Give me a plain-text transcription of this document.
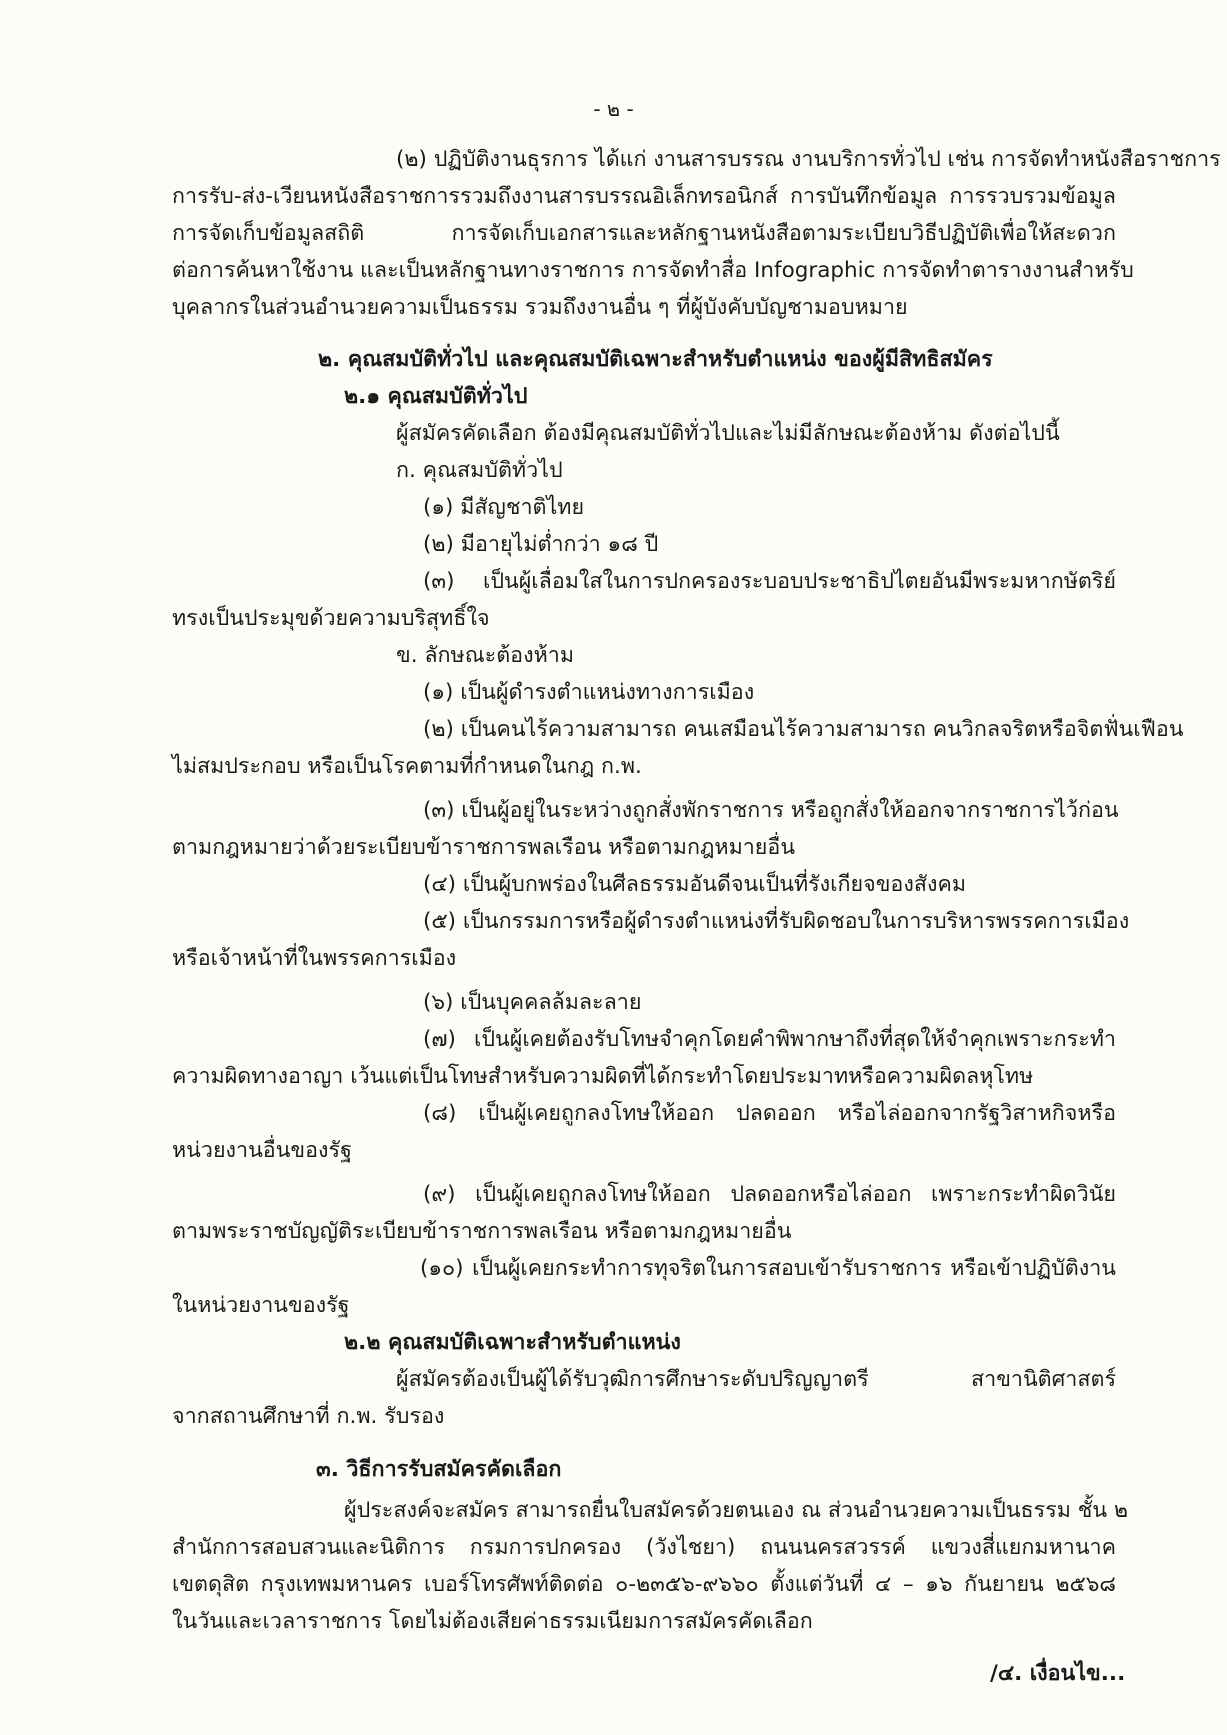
- ๒ -
(๒) ปฏิบัติงานธุรการ ได้แก่ งานสารบรรณ งานบริการทั่วไป เช่น การจัดทำหนังสือราชการ
การรับ-ส่ง-เวียนหนังสือราชการรวมถึงงานสารบรรณอิเล็กทรอนิกส์ การบันทึกข้อมูล การรวบรวมข้อมูล
การจัดเก็บข้อมูลสถิติ การจัดเก็บเอกสารและหลักฐานหนังสือตามระเบียบวิธีปฏิบัติเพื่อให้สะดวก
ต่อการค้นหาใช้งาน และเป็นหลักฐานทางราชการ การจัดทำสื่อ Infographic การจัดทำตารางงานสำหรับ
บุคลากรในส่วนอำนวยความเป็นธรรม รวมถึงงานอื่น ๆ ที่ผู้บังคับบัญชามอบหมาย
๒. คุณสมบัติทั่วไป และคุณสมบัติเฉพาะสำหรับตำแหน่ง ของผู้มีสิทธิสมัคร
๒.๑ คุณสมบัติทั่วไป
ผู้สมัครคัดเลือก ต้องมีคุณสมบัติทั่วไปและไม่มีลักษณะต้องห้าม ดังต่อไปนี้
ก. คุณสมบัติทั่วไป
(๑) มีสัญชาติไทย
(๒) มีอายุไม่ต่ำกว่า ๑๘ ปี
(๓) เป็นผู้เลื่อมใสในการปกครองระบอบประชาธิปไตยอันมีพระมหากษัตริย์
ทรงเป็นประมุขด้วยความบริสุทธิ์ใจ
ข. ลักษณะต้องห้าม
(๑) เป็นผู้ดำรงตำแหน่งทางการเมือง
(๒) เป็นคนไร้ความสามารถ คนเสมือนไร้ความสามารถ คนวิกลจริตหรือจิตฟั่นเฟือน
ไม่สมประกอบ หรือเป็นโรคตามที่กำหนดในกฎ ก.พ.
(๓) เป็นผู้อยู่ในระหว่างถูกสั่งพักราชการ หรือถูกสั่งให้ออกจากราชการไว้ก่อน
ตามกฎหมายว่าด้วยระเบียบข้าราชการพลเรือน หรือตามกฎหมายอื่น
(๔) เป็นผู้บกพร่องในศีลธรรมอันดีจนเป็นที่รังเกียจของสังคม
(๕) เป็นกรรมการหรือผู้ดำรงตำแหน่งที่รับผิดชอบในการบริหารพรรคการเมือง
หรือเจ้าหน้าที่ในพรรคการเมือง
(๖) เป็นบุคคลล้มละลาย
(๗) เป็นผู้เคยต้องรับโทษจำคุกโดยคำพิพากษาถึงที่สุดให้จำคุกเพราะกระทำ
ความผิดทางอาญา เว้นแต่เป็นโทษสำหรับความผิดที่ได้กระทำโดยประมาทหรือความผิดลหุโทษ
(๘) เป็นผู้เคยถูกลงโทษให้ออก ปลดออก หรือไล่ออกจากรัฐวิสาหกิจหรือ
หน่วยงานอื่นของรัฐ
(๙) เป็นผู้เคยถูกลงโทษให้ออก ปลดออกหรือไล่ออก เพราะกระทำผิดวินัย
ตามพระราชบัญญัติระเบียบข้าราชการพลเรือน หรือตามกฎหมายอื่น
(๑๐) เป็นผู้เคยกระทำการทุจริตในการสอบเข้ารับราชการ หรือเข้าปฏิบัติงาน
ในหน่วยงานของรัฐ
๒.๒ คุณสมบัติเฉพาะสำหรับตำแหน่ง
ผู้สมัครต้องเป็นผู้ได้รับวุฒิการศึกษาระดับปริญญาตรี สาขานิติศาสตร์
จากสถานศึกษาที่ ก.พ. รับรอง
๓. วิธีการรับสมัครคัดเลือก
ผู้ประสงค์จะสมัคร สามารถยื่นใบสมัครด้วยตนเอง ณ ส่วนอำนวยความเป็นธรรม ชั้น ๒
สำนักการสอบสวนและนิติการ กรมการปกครอง (วังไชยา) ถนนนครสวรรค์ แขวงสี่แยกมหานาค
เขตดุสิต กรุงเทพมหานคร เบอร์โทรศัพท์ติดต่อ ๐-๒๓๕๖-๙๖๖๐ ตั้งแต่วันที่ ๔ – ๑๖ กันยายน ๒๕๖๘
ในวันและเวลาราชการ โดยไม่ต้องเสียค่าธรรมเนียมการสมัครคัดเลือก
/๔. เงื่อนไข...
